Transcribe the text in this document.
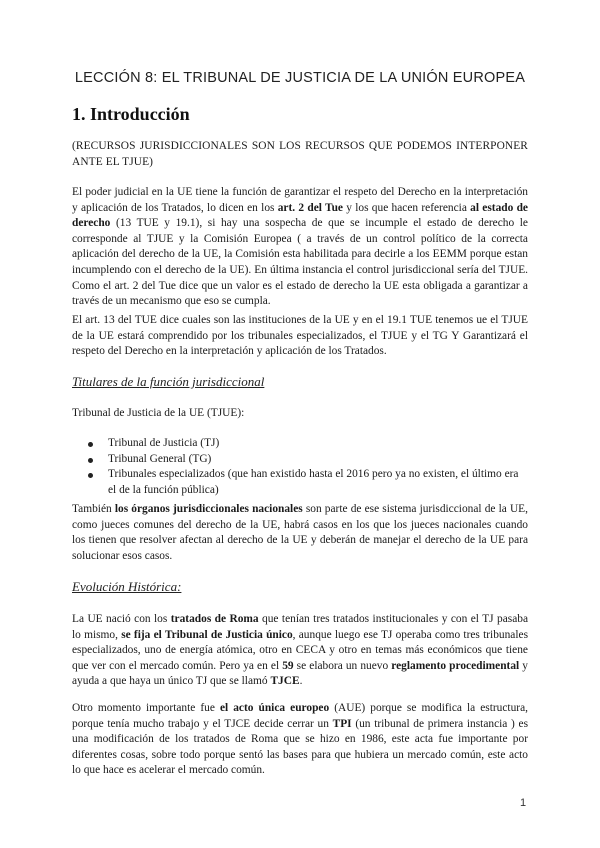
LECCIÓN 8: EL TRIBUNAL DE JUSTICIA DE LA UNIÓN EUROPEA
1. Introducción
(RECURSOS JURISDICCIONALES SON LOS RECURSOS QUE PODEMOS INTERPONER ANTE EL TJUE)
El poder judicial en la UE tiene la función de garantizar el respeto del Derecho en la interpretación y aplicación de los Tratados, lo dicen en los art. 2 del Tue y los que hacen referencia al estado de derecho (13 TUE y 19.1), si hay una sospecha de que se incumple el estado de derecho le corresponde al TJUE y la Comisión Europea ( a través de un control político de la correcta aplicación del derecho de la UE, la Comisión esta habilitada para decirle a los EEMM porque estan incumplendo con el derecho de la UE). En última instancia el control jurisdiccional sería del TJUE. Como el art. 2 del Tue dice que un valor es el estado de derecho la UE esta obligada a garantizar a través de un mecanismo que eso se cumpla.
El art. 13 del TUE dice cuales son las instituciones de la UE y en el 19.1 TUE tenemos ue el TJUE de la UE estará comprendido por los tribunales especializados, el TJUE y el TG Y Garantizará el respeto del Derecho en la interpretación y aplicación de los Tratados.
Titulares de la función jurisdiccional
Tribunal de Justicia de la UE (TJUE):
Tribunal de Justicia (TJ)
Tribunal General (TG)
Tribunales especializados (que han existido hasta el 2016 pero ya no existen, el último era el de la función pública)
También los órganos jurisdiccionales nacionales son parte de ese sistema jurisdiccional de la UE, como jueces comunes del derecho de la UE, habrá casos en los que los jueces nacionales cuando los tienen que resolver afectan al derecho de la UE y deberán de manejar el derecho de la UE para solucionar esos casos.
Evolución Histórica:
La UE nació con los tratados de Roma que tenían tres tratados institucionales y con el TJ pasaba lo mismo, se fija el Tribunal de Justicia único, aunque luego ese TJ operaba como tres tribunales especializados, uno de energía atómica, otro en CECA y otro en temas más económicos que tiene que ver con el mercado común. Pero ya en el 59 se elabora un nuevo reglamento procedimental y ayuda a que haya un único TJ que se llamó TJCE.
Otro momento importante fue el acto única europeo (AUE) porque se modifica la estructura, porque tenía mucho trabajo y el TJCE decide cerrar un TPI (un tribunal de primera instancia ) es una modificación de los tratados de Roma que se hizo en 1986, este acta fue importante por diferentes cosas, sobre todo porque sentó las bases para que hubiera un mercado común, este acto lo que hace es acelerar el mercado común.
1
